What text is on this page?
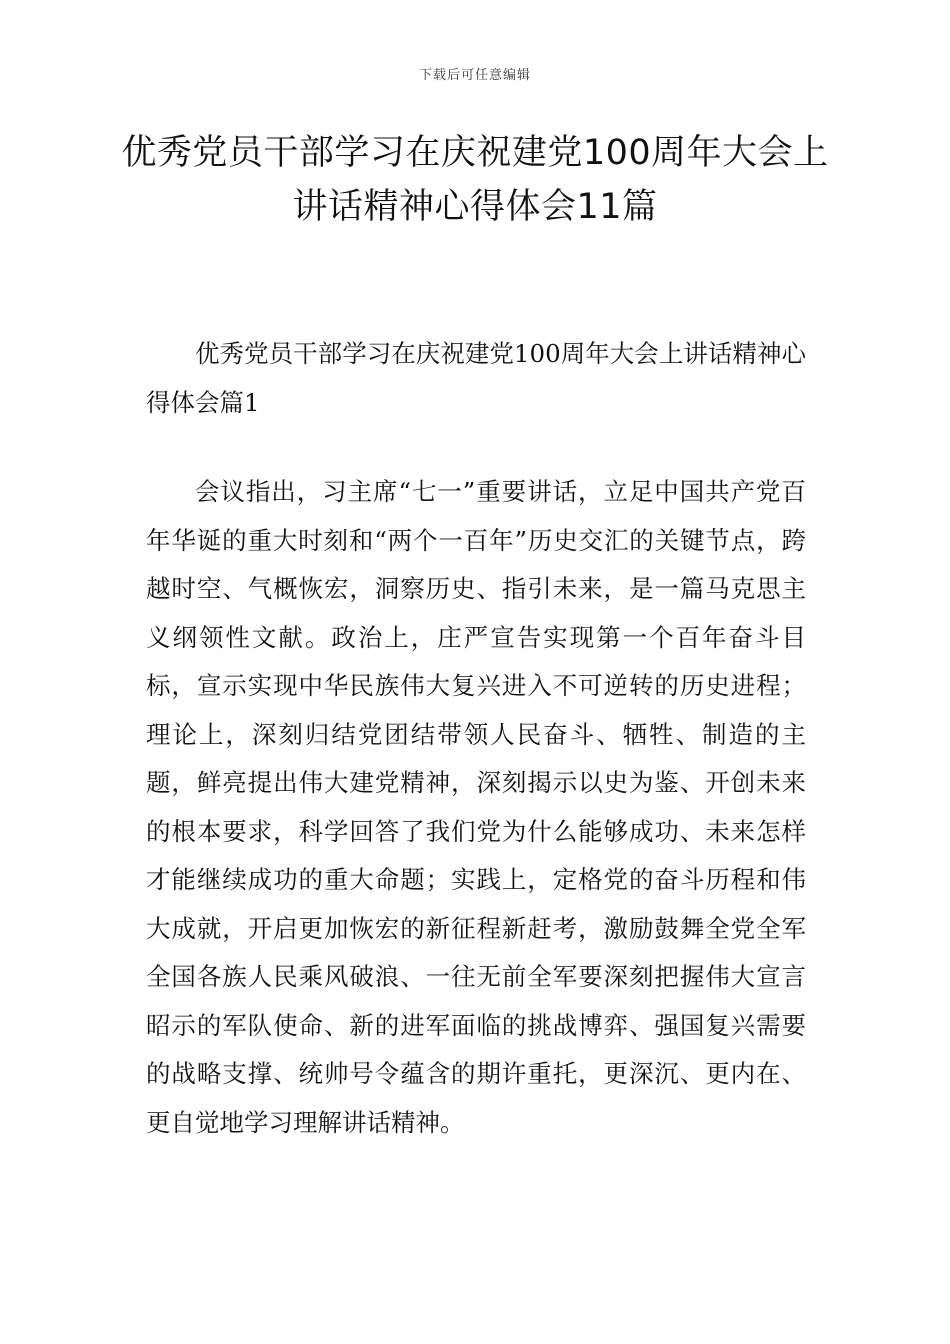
下载后可任意编辑
优秀党员干部学习在庆祝建党100周年大会上讲话精神心得体会11篇

优秀党员干部学习在庆祝建党100周年大会上讲话精神心得体会篇1

会议指出，习主席“七一”重要讲话，立足中国共产党百年华诞的重大时刻和“两个一百年”历史交汇的关键节点，跨越时空、气概恢宏，洞察历史、指引未来，是一篇马克思主义纲领性文献。政治上，庄严宣告实现第一个百年奋斗目标，宣示实现中华民族伟大复兴进入不可逆转的历史进程；理论上，深刻归结党团结带领人民奋斗、牺牲、制造的主题，鲜亮提出伟大建党精神，深刻揭示以史为鉴、开创未来的根本要求，科学回答了我们党为什么能够成功、未来怎样才能继续成功的重大命题；实践上，定格党的奋斗历程和伟大成就，开启更加恢宏的新征程新赶考，激励鼓舞全党全军全国各族人民乘风破浪、一往无前全军要深刻把握伟大宣言昭示的军队使命、新的进军面临的挑战博弈、强国复兴需要的战略支撑、统帅号令蕴含的期许重托，更深沉、更内在、更自觉地学习理解讲话精神。
